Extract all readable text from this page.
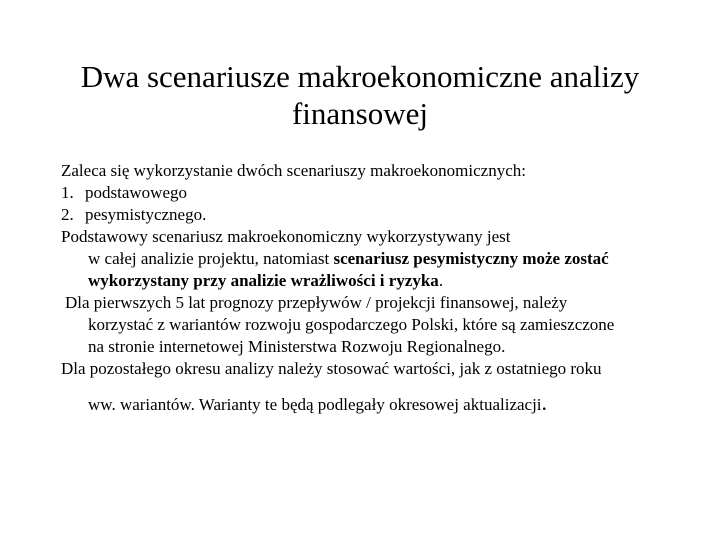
Dwa scenariusze makroekonomiczne analizy
finansowej
Zaleca się wykorzystanie dwóch scenariuszy makroekonomicznych:
1. podstawowego
2. pesymistycznego.
Podstawowy scenariusz makroekonomiczny wykorzystywany jest
w całej analizie projektu, natomiast scenariusz pesymistyczny może zostać
wykorzystany przy analizie wrażliwości i ryzyka.
Dla pierwszych 5 lat prognozy przepływów / projekcji finansowej, należy
korzystać z wariantów rozwoju gospodarczego Polski, które są zamieszczone
na stronie internetowej Ministerstwa Rozwoju Regionalnego.
Dla pozostałego okresu analizy należy stosować wartości, jak z ostatniego roku
ww. wariantów. Warianty te będą podlegały okresowej aktualizacji.
